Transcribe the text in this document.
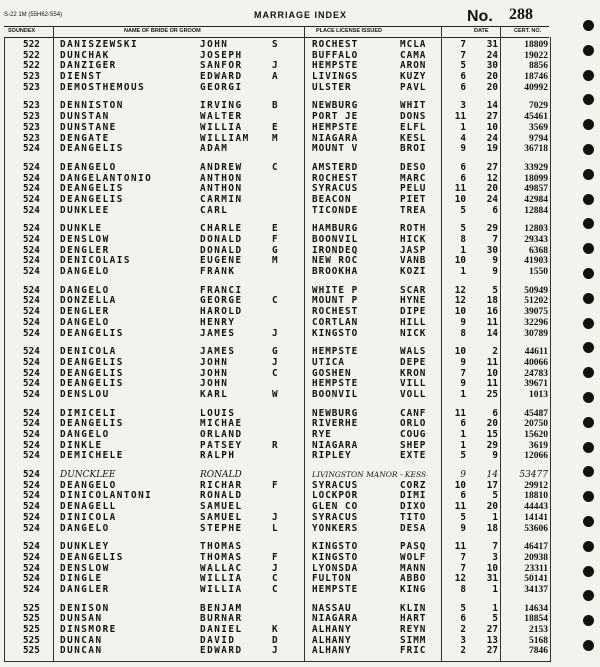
S-22 1M (55H62-554)	MARRIAGE INDEX	No. 288
SOUNDEX	NAME OF BRIDE OR GROOM	PLACE LICENSE ISSUED	DATE	CERT. NO.
522	DANISZEWSKI	JOHN	S	ROCHEST	MCLA	7	31	18809
522	DUNCHAK	JOSEPH	BUFFALO	CAMA	7	24	19022
522	DANZIGER	SANFOR	J	HEMPSTE	ARON	5	30	8856
523	DIENST	EDWARD	A	LIVINGS	KUZY	6	20	18746
523	DEMOSTHEMOUS	GEORGI	ULSTER	PAVL	6	20	40992
523	DENNISTON	IRVING	B	NEWBURG	WHIT	3	14	7029
523	DUNSTAN	WALTER	PORT JE	DONS	11	27	45461
523	DUNSTANE	WILLIA	E	HEMPSTE	ELFL	1	10	3569
523	DENGATE	WILLIAM	M	NIAGARA	KESL	4	24	9794
524	DEANGELIS	ADAM	MOUNT V	BROI	9	19	36718
524	DEANGELO	ANDREW	C	AMSTERD	DESO	6	27	33929
524	DANGELANTONIO	ANTHON	ROCHEST	MARC	6	12	18099
524	DEANGELIS	ANTHON	SYRACUS	PELU	11	20	49857
524	DEANGELIS	CARMIN	BEACON	PIET	10	24	42984
524	DUNKLEE	CARL	TICONDE	TREA	5	6	12884
524	DUNKLE	CHARLE	E	HAMBURG	ROTH	5	29	12803
524	DENSLOW	DONALD	F	BOONVIL	HICK	8	7	29343
524	DENGLER	DONALD	G	IRONDEQ	JASP	1	30	6368
524	DENICOLAIS	EUGENE	M	NEW ROC	VANB	10	9	41903
524	DANGELO	FRANK	BROOKHA	KOZI	1	9	1550
524	DANGELO	FRANCI	WHITE P	SCAR	12	5	50949
524	DONZELLA	GEORGE	C	MOUNT P	HYNE	12	18	51202
524	DENGLER	HAROLD	ROCHEST	DIPE	10	16	39075
524	DANGELO	HENRY	CORTLAN	HILL	9	11	32296
524	DEANGELIS	JAMES	J	KINGSTO	NICK	8	14	30789
524	DENICOLA	JAMES	G	HEMPSTE	WALS	10	2	44611
524	DEANGELIS	JOHN	J	UTICA	DEPE	9	11	40066
524	DEANGELIS	JOHN	C	GOSHEN	KRON	7	10	24783
524	DEANGELIS	JOHN	HEMPSTE	VILL	9	11	39671
524	DENSLOU	KARL	W	BOONVIL	VOLL	1	25	1013
524	DIMICELI	LOUIS	NEWBURG	CANF	11	6	45487
524	DEANGELIS	MICHAE	RIVERHE	ORLO	6	20	20750
524	DANGELO	ORLAND	RYE	COUG	1	15	15620
524	DINKLE	PATSEY	R	NIAGARA	SHEP	1	29	3619
524	DEMICHELE	RALPH	RIPLEY	EXTE	5	9	12066
524	DUNCKLEE	RONALD	LIVINGSTON MANOR - KESS	9	14	53477
524	DEANGELO	RICHAR	F	SYRACUS	CORZ	10	17	29912
524	DINICOLANTONI	RONALD	LOCKPOR	DIMI	6	5	18810
524	DENAGELL	SAMUEL	GLEN CO	DIXO	11	20	44443
524	DINICOLA	SAMUEL	J	SYRACUS	TITO	5	1	14141
524	DANGELO	STEPHE	L	YONKERS	DESA	9	18	53606
524	DUNKLEY	THOMAS	KINGSTO	PASQ	11	7	46417
524	DEANGELIS	THOMAS	F	KINGSTO	WOLF	7	3	20938
524	DENSLOW	WALLAC	J	LYONSDA	MANN	7	10	23311
524	DINGLE	WILLIA	C	FULTON	ABBO	12	31	50141
524	DANGLER	WILLIA	C	HEMPSTE	KING	8	1	34137
525	DENISON	BENJAM	NASSAU	KLIN	5	1	14634
525	DUNSAN	BURNAR	NIAGARA	HART	6	5	18854
525	DINSMORE	DANIEL	K	ALHANY	REYN	2	27	2153
525	DUNCAN	DAVID	D	ALHANY	SIMM	3	13	5168
525	DUNCAN	EDWARD	J	ALHANY	FRIC	2	27	7846
